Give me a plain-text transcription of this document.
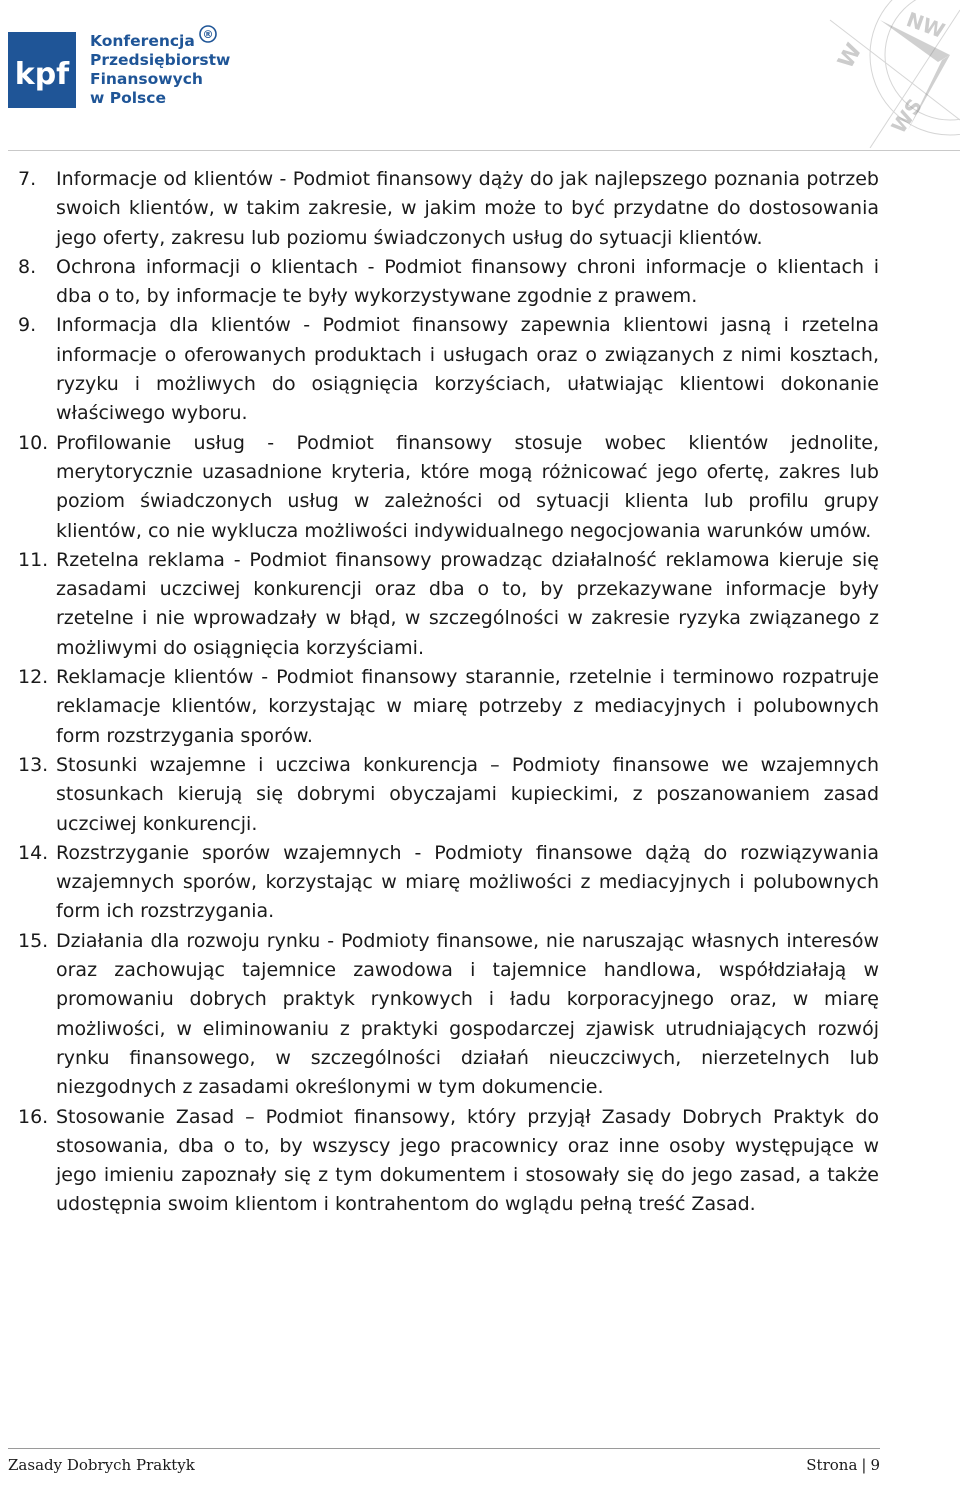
kpf
Konferencja
Przedsiębiorstw
Finansowych
w Polsce
®	NW
W
WS
7.	Informacje od klientów - Podmiot finansowy dąży do jak najlepszego poznania potrzeb swoich klientów, w takim zakresie, w jakim może to być przydatne do dostosowania jego oferty, zakresu lub poziomu świadczonych usług do sytuacji klientów.
8.	Ochrona informacji o klientach - Podmiot finansowy chroni informacje o klientach i dba o to, by informacje te były wykorzystywane zgodnie z prawem.
9.	Informacja dla klientów - Podmiot finansowy zapewnia klientowi jasną i rzetelna informacje o oferowanych produktach i usługach oraz o związanych z nimi kosztach, ryzyku i możliwych do osiągnięcia korzyściach, ułatwiając klientowi dokonanie właściwego wyboru.
10. Profilowanie usług - Podmiot finansowy stosuje wobec klientów jednolite, merytorycznie uzasadnione kryteria, które mogą różnicować jego ofertę, zakres lub poziom świadczonych usług w zależności od sytuacji klienta lub profilu grupy klientów, co nie wyklucza możliwości indywidualnego negocjowania warunków umów.
11. Rzetelna reklama - Podmiot finansowy prowadząc działalność reklamowa kieruje się zasadami uczciwej konkurencji oraz dba o to, by przekazywane informacje były rzetelne i nie wprowadzały w błąd, w szczególności w zakresie ryzyka związanego z możliwymi do osiągnięcia korzyściami.
12. Reklamacje klientów - Podmiot finansowy starannie, rzetelnie i terminowo rozpatruje reklamacje klientów, korzystając w miarę potrzeby z mediacyjnych i polubownych form rozstrzygania sporów.
13. Stosunki wzajemne i uczciwa konkurencja – Podmioty finansowe we wzajemnych stosunkach kierują się dobrymi obyczajami kupieckimi, z poszanowaniem zasad uczciwej konkurencji.
14. Rozstrzyganie sporów wzajemnych - Podmioty finansowe dążą do rozwiązywania wzajemnych sporów, korzystając w miarę możliwości z mediacyjnych i polubownych form ich rozstrzygania.
15. Działania dla rozwoju rynku - Podmioty finansowe, nie naruszając własnych interesów oraz zachowując tajemnice zawodowa i tajemnice handlowa, współdziałają w promowaniu dobrych praktyk rynkowych i ładu korporacyjnego oraz, w miarę możliwości, w eliminowaniu z praktyki gospodarczej zjawisk utrudniających rozwój rynku finansowego, w szczególności działań nieuczciwych, nierzetelnych lub niezgodnych z zasadami określonymi w tym dokumencie.
16. Stosowanie Zasad – Podmiot finansowy, który przyjął Zasady Dobrych Praktyk do stosowania, dba o to, by wszyscy jego pracownicy oraz inne osoby występujące w jego imieniu zapoznały się z tym dokumentem i stosowały się do jego zasad, a także udostępnia swoim klientom i kontrahentom do wglądu pełną treść Zasad.
Zasady Dobrych Praktyk	Strona | 9
